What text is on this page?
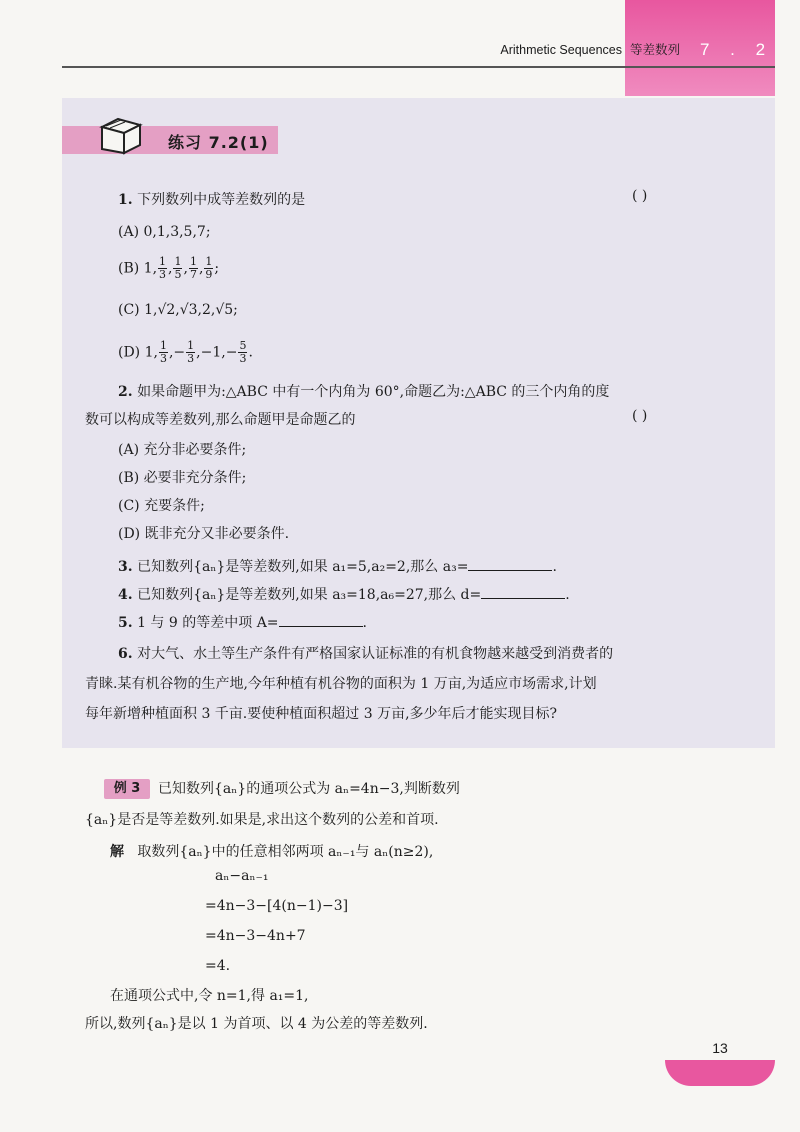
Arithmetic Sequences 等差数列 7 . 2
练习 7.2(1)
1. 下列数列中成等差数列的是	( )
(A) 0,1,3,5,7;
(B) 1, $\frac{1}{3}$ , $\frac{1}{5}$ , $\frac{1}{7}$ , $\frac{1}{9}$ ;
(C) 1,√2,√3,2,√5;
(D) 1, $\frac{1}{3}$ ,− $\frac{1}{3} ,-1,- \frac{5}{3}$ .
2. 如果命题甲为:△ABC 中有一个内角为 60°,命题乙为:△ABC 的三个内角的度
数可以构成等差数列,那么命题甲是命题乙的	( )
(A) 充分非必要条件;
(B) 必要非充分条件;
(C) 充要条件;
(D) 既非充分又非必要条件.
3. 已知数列{aₙ}是等差数列,如果 a₁=5,a₂=2,那么 a₃=	.
4. 已知数列{aₙ}是等差数列,如果 a₃=18,a₆=27,那么 d=	.
5. 1 与 9 的等差中项 A=	.
6. 对大气、水土等生产条件有严格国家认证标准的有机食物越来越受到消费者的
青睐.某有机谷物的生产地,今年种植有机谷物的面积为 1 万亩,为适应市场需求,计划
每年新增种植面积 3 千亩.要使种植面积超过 3 万亩,多少年后才能实现目标?
例 3	已知数列{aₙ}的通项公式为 aₙ=4n−3,判断数列
{aₙ}是否是等差数列.如果是,求出这个数列的公差和首项.
解 取数列{aₙ}中的任意相邻两项 aₙ₋₁与 aₙ(n≥2),
aₙ−aₙ₋₁
=4n−3−[4(n−1)−3]
=4n−3−4n+7
=4.
在通项公式中,令 n=1,得 a₁=1,
所以,数列{aₙ}是以 1 为首项、以 4 为公差的等差数列.
13
